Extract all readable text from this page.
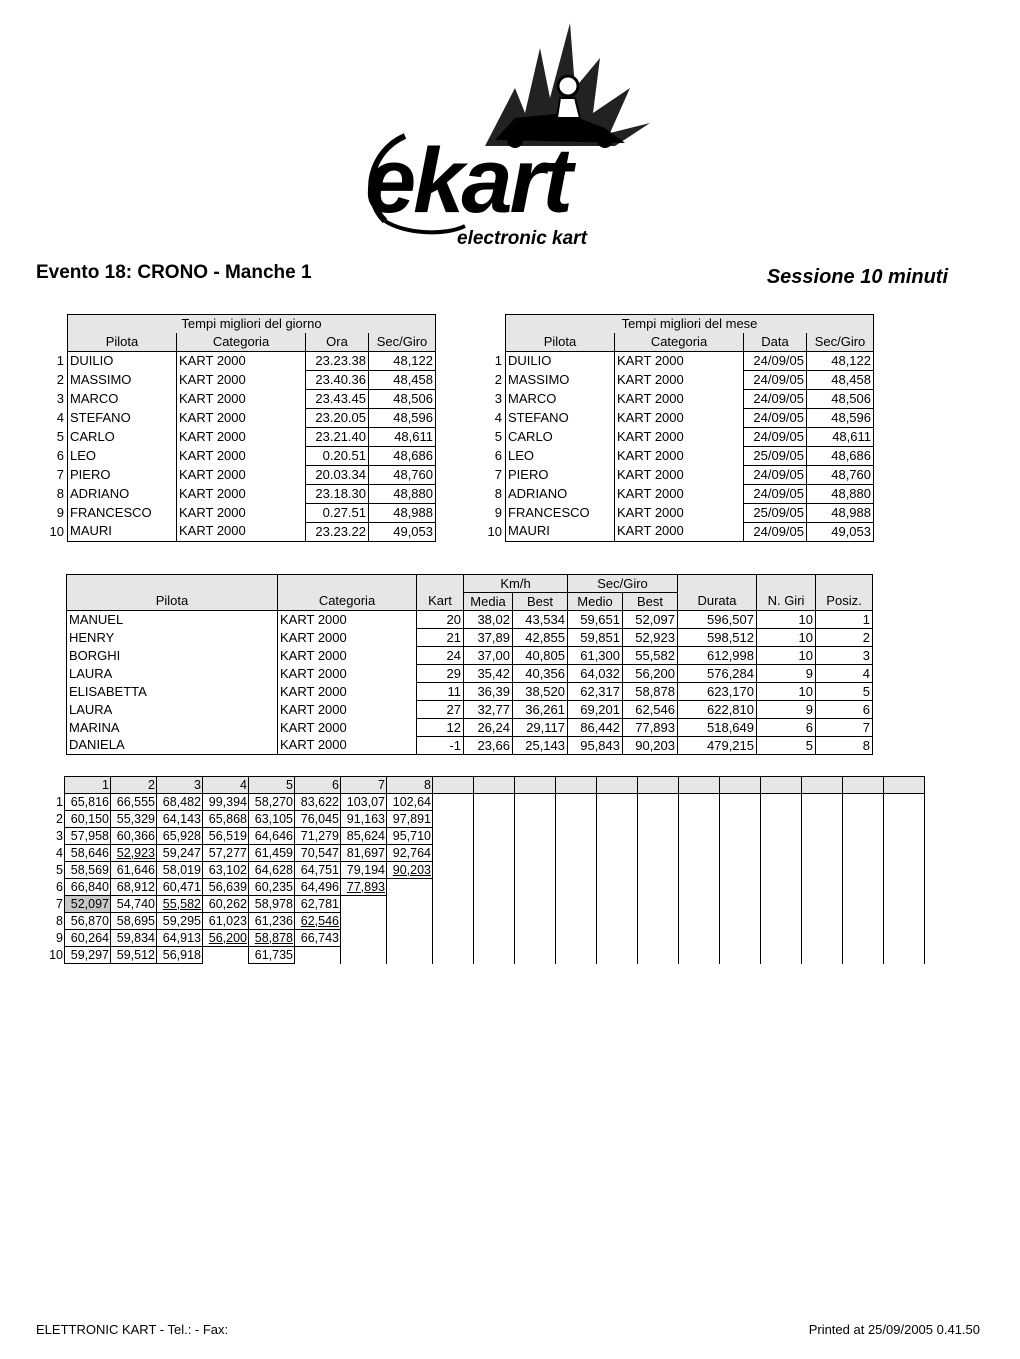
ekart
electronic kart
Evento 18: CRONO - Manche 1	Sessione 10 minuti
	Tempi migliori del giorno			
	Pilota	Categoria	Ora	Sec/Giro
1	DUILIO	KART 2000	23.23.38	48,122
2	MASSIMO	KART 2000	23.40.36	48,458
3	MARCO	KART 2000	23.43.45	48,506
4	STEFANO	KART 2000	23.20.05	48,596
5	CARLO	KART 2000	23.21.40	48,611
6	LEO	KART 2000	0.20.51	48,686
7	PIERO	KART 2000	20.03.34	48,760
8	ADRIANO	KART 2000	23.18.30	48,880
9	FRANCESCO	KART 2000	0.27.51	48,988
10	MAURI	KART 2000	23.23.22	49,053
	Tempi migliori del mese			
	Pilota	Categoria	Data	Sec/Giro
1	DUILIO	KART 2000	24/09/05	48,122
2	MASSIMO	KART 2000	24/09/05	48,458
3	MARCO	KART 2000	24/09/05	48,506
4	STEFANO	KART 2000	24/09/05	48,596
5	CARLO	KART 2000	24/09/05	48,611
6	LEO	KART 2000	25/09/05	48,686
7	PIERO	KART 2000	24/09/05	48,760
8	ADRIANO	KART 2000	24/09/05	48,880
9	FRANCESCO	KART 2000	25/09/05	48,988
10	MAURI	KART 2000	24/09/05	49,053
			Km/h		Sec/Giro				
Pilota	Categoria	Kart	Media	Best	Medio	Best	Durata	N. Giri	Posiz.
MANUEL	KART 2000	20	38,02	43,534	59,651	52,097	596,507	10	1
HENRY	KART 2000	21	37,89	42,855	59,851	52,923	598,512	10	2
BORGHI	KART 2000	24	37,00	40,805	61,300	55,582	612,998	10	3
LAURA	KART 2000	29	35,42	40,356	64,032	56,200	576,284	9	4
ELISABETTA	KART 2000	11	36,39	38,520	62,317	58,878	623,170	10	5
LAURA	KART 2000	27	32,77	36,261	69,201	62,546	622,810	9	6
MARINA	KART 2000	12	26,24	29,117	86,442	77,893	518,649	6	7
DANIELA	KART 2000	-1	23,66	25,143	95,843	90,203	479,215	5	8
	1	2	3	4	5	6	7	8												
1	65,816	66,555	68,482	99,394	58,270	83,622	103,07	102,64												
2	60,150	55,329	64,143	65,868	63,105	76,045	91,163	97,891												
3	57,958	60,366	65,928	56,519	64,646	71,279	85,624	95,710												
4	58,646	52,923	59,247	57,277	61,459	70,547	81,697	92,764												
5	58,569	61,646	58,019	63,102	64,628	64,751	79,194	90,203												
6	66,840	68,912	60,471	56,639	60,235	64,496	77,893													
7	52,097	54,740	55,582	60,262	58,978	62,781														
8	56,870	58,695	59,295	61,023	61,236	62,546														
9	60,264	59,834	64,913	56,200	58,878	66,743														
10	59,297	59,512	56,918		61,735															
ELETTRONIC KART - Tel.: - Fax:	Printed at 25/09/2005 0.41.50
